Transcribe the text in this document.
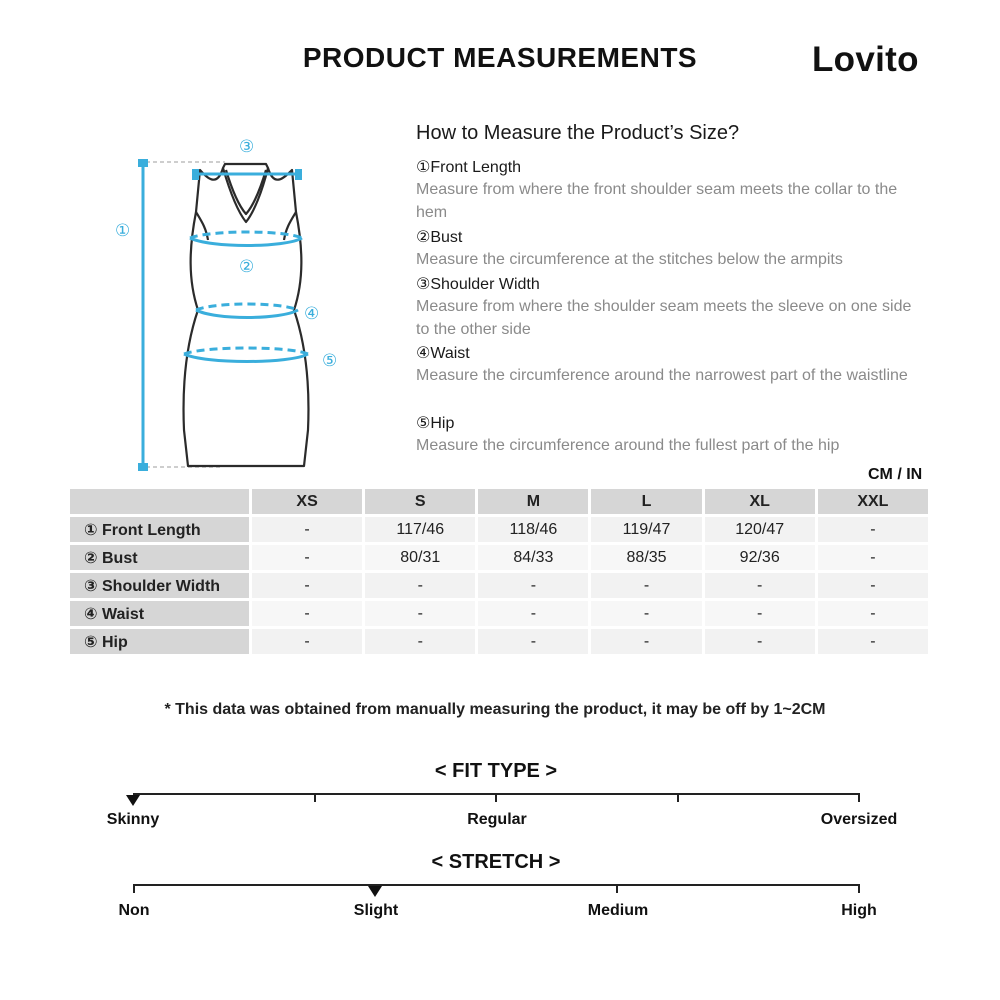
PRODUCT MEASUREMENTS	Lovito
①
②
③
④
⑤
How to Measure the Product’s Size?
①Front Length
Measure from where the front shoulder seam meets the collar to the hem
②Bust
Measure the circumference at the stitches below the armpits
③Shoulder Width
Measure from where the shoulder seam meets the sleeve on one side to the other side
④Waist
Measure the circumference around the narrowest part of the waistline
⑤Hip
Measure the circumference around the fullest part of the hip
CM / IN
	XS	S	M	L	XL	XXL
① Front Length	-	117/46	118/46	119/47	120/47	-
② Bust	-	80/31	84/33	88/35	92/36	-
③ Shoulder Width	-	-	-	-	-	-
④ Waist	-	-	-	-	-	-
⑤ Hip	-	-	-	-	-	-
* This data was obtained from manually measuring the product, it may be off by 1~2CM
< FIT TYPE >
Skinny	Regular	Oversized
< STRETCH >
Non	Slight	Medium	High
